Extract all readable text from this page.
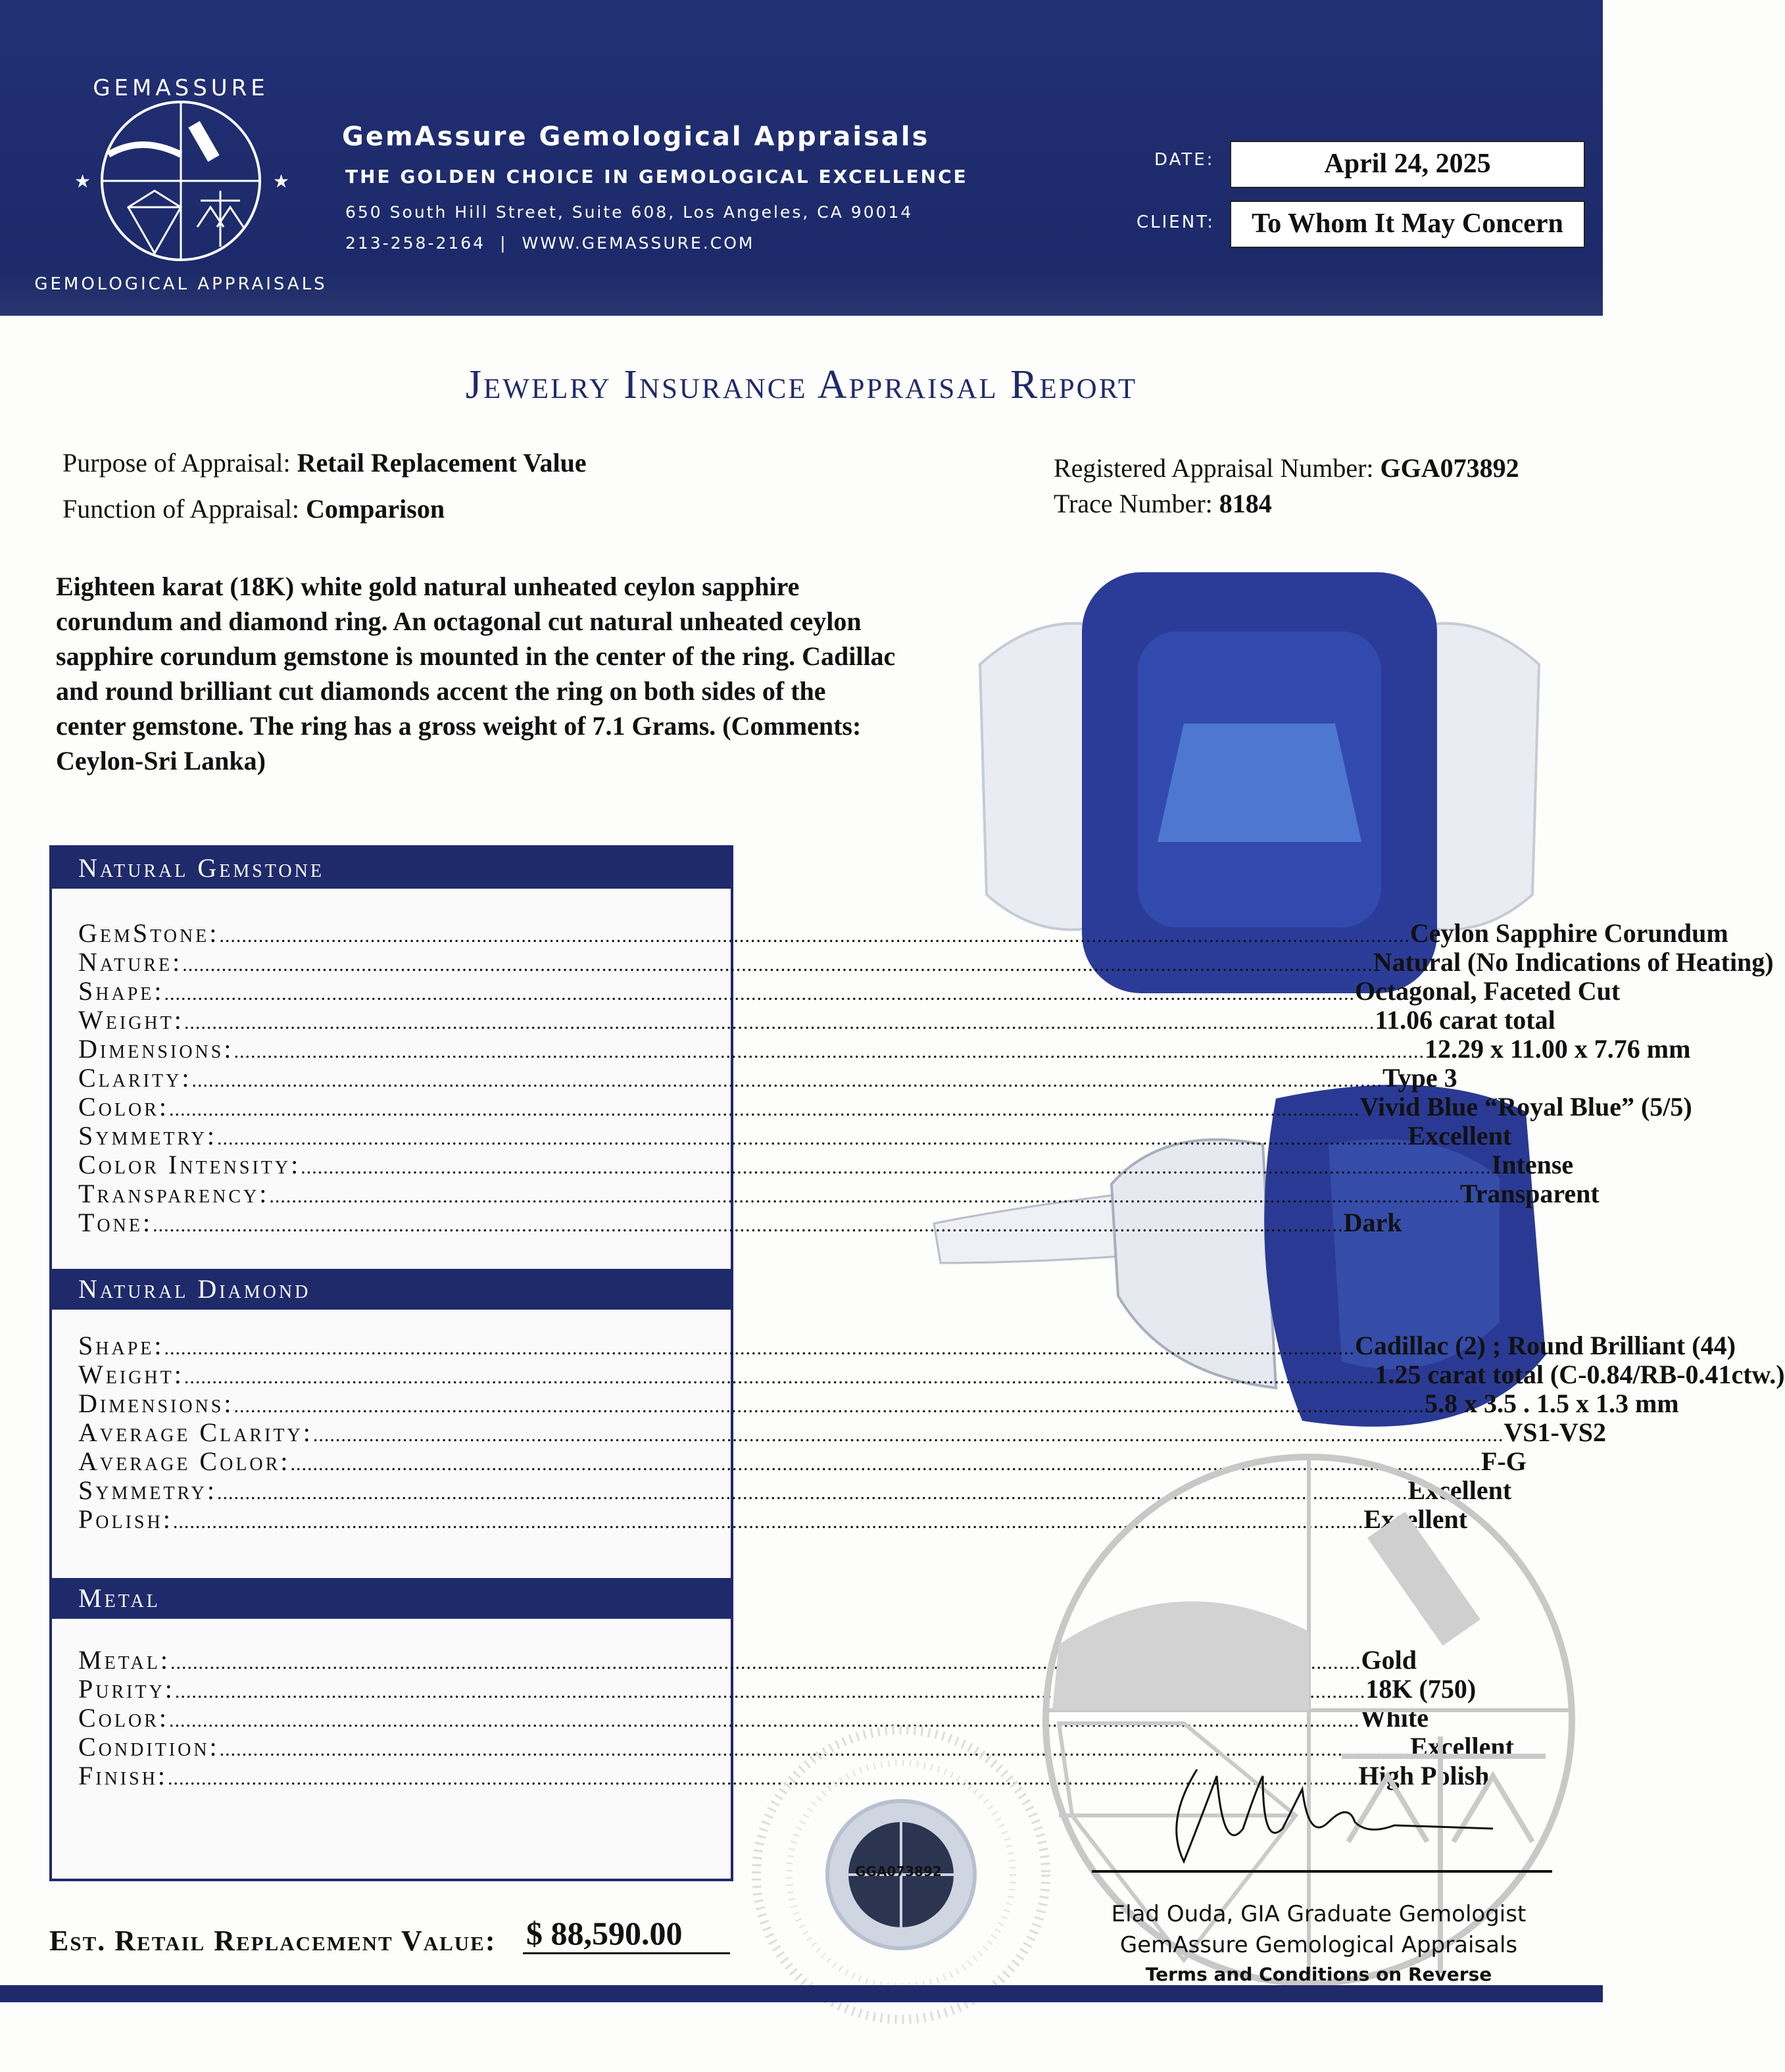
GEMASSURE
GEMOLOGICAL APPRAISALS
★	★
GemAssure Gemological Appraisals
THE GOLDEN CHOICE IN GEMOLOGICAL EXCELLENCE
650 South Hill Street, Suite 608, Los Angeles, CA 90014
213-258-2164 | WWW.GEMASSURE.COM
DATE:	April 24, 2025
CLIENT:	To Whom It May Concern
Jewelry Insurance Appraisal Report
Purpose of Appraisal: Retail Replacement Value
Function of Appraisal: Comparison
Registered Appraisal Number: GGA073892
Trace Number: 8184
Eighteen karat (18K) white gold natural unheated ceylon sapphire corundum and diamond ring. An octagonal cut natural unheated ceylon sapphire corundum gemstone is mounted in the center of the ring. Cadillac and round brilliant cut diamonds accent the ring on both sides of the center gemstone. The ring has a gross weight of 7.1 Grams. (Comments: Ceylon-Sri Lanka)
Natural Gemstone
GemStone: .....	Ceylon Sapphire Corundum
Nature: .....	Natural (No Indications of Heating)
Shape: .....	Octagonal, Faceted Cut
Weight: .....	11.06 carat total
Dimensions: .....	12.29 x 11.00 x 7.76 mm
Clarity: .....	Type 3
Color: .....	Vivid Blue “Royal Blue” (5/5)
Symmetry: .....	Excellent
Color Intensity: .....	Intense
Transparency: .....	Transparent
Tone: .....	Dark
Natural Diamond
Shape: .....	Cadillac (2) ; Round Brilliant (44)
Weight: .....	1.25 carat total (C-0.84/RB-0.41ctw.)
Dimensions: .....	5.8 x 3.5 . 1.5 x 1.3 mm
Average Clarity: .....	VS1-VS2
Average Color: .....	F-G
Symmetry: .....	Excellent
Polish: .....	Excellent
Metal
Metal: .....	Gold
Purity: .....	18K (750)
Color: .....	White
Condition: .....	Excellent
Finish: .....	High Polish
Est. Retail Replacement Value: $ 88,590.00
GGA073892
Elad Ouda, GIA Graduate Gemologist
GemAssure Gemological Appraisals
Terms and Conditions on Reverse
